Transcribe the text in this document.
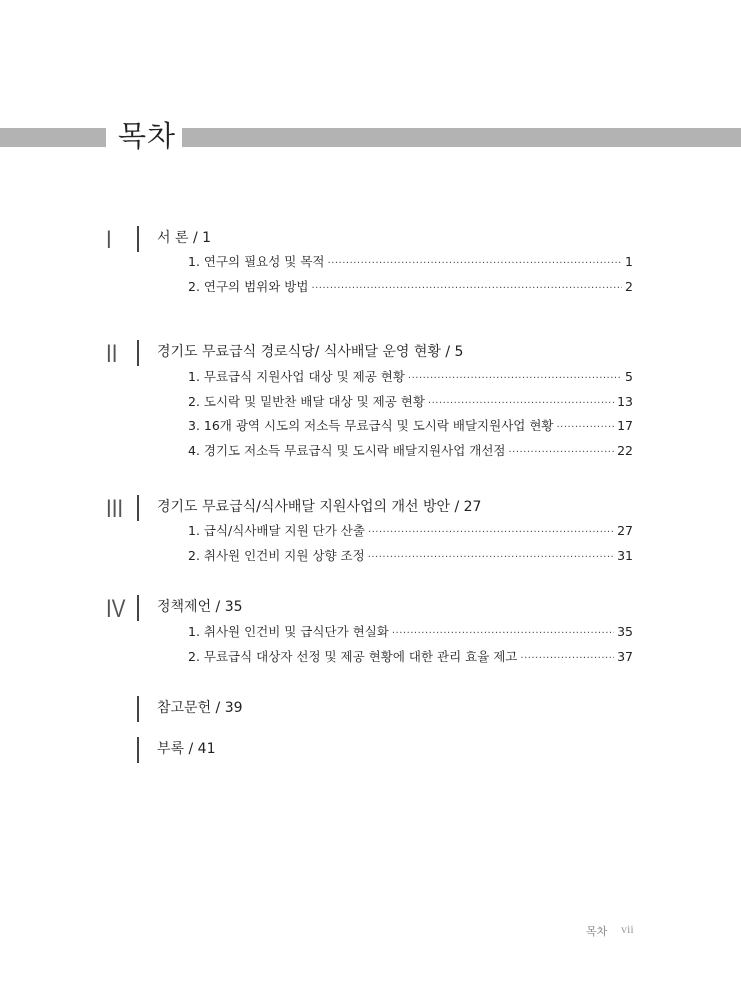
목차
I	서 론 / 1
1. 연구의 필요성 및 목적 ·····	1
2. 연구의 범위와 방법 ·····	2
II	경기도 무료급식 경로식당/ 식사배달 운영 현황 / 5
1. 무료급식 지원사업 대상 및 제공 현황 ·····	5
2. 도시락 및 밑반찬 배달 대상 및 제공 현황 ·····	13
3. 16개 광역 시도의 저소득 무료급식 및 도시락 배달지원사업 현황 ·····	17
4. 경기도 저소득 무료급식 및 도시락 배달지원사업 개선점 ·····	22
III 경기도 무료급식/식사배달 지원사업의 개선 방안 / 27
1. 급식/식사배달 지원 단가 산출 ·····	27
2. 취사원 인건비 지원 상향 조정 ·····	31
IV 정책제언 / 35
1. 취사원 인건비 및 급식단가 현실화 ·····	35
2. 무료급식 대상자 선정 및 제공 현황에 대한 관리 효율 제고 ·····	37
참고문헌 / 39
부록 / 41
목차 vii
